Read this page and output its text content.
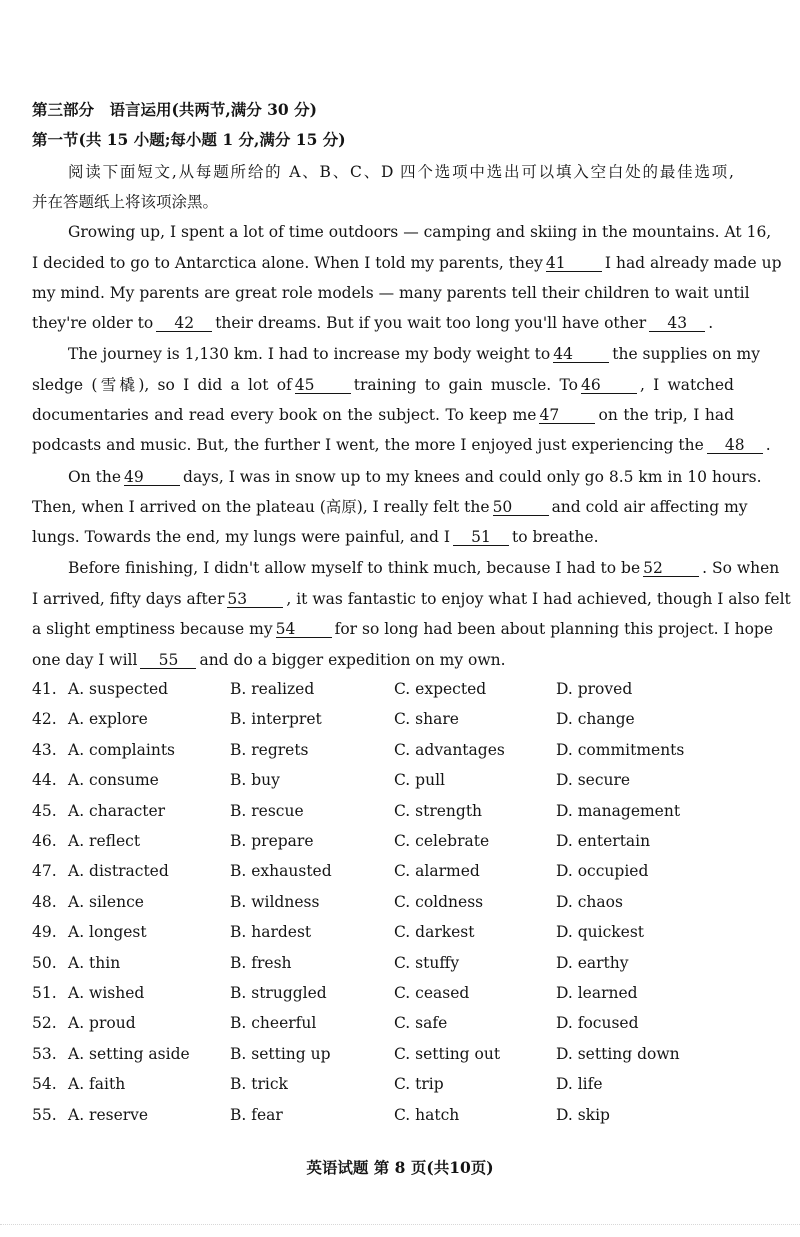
第三部分　语言运用(共两节,满分 30 分)
第一节(共 15 小题;每小题 1 分,满分 15 分)
阅读下面短文,从每题所给的 A、B、C、D 四个选项中选出可以填入空白处的最佳选项,
并在答题纸上将该项涂黑。
Growing up, I spent a lot of time outdoors — camping and skiing in the mountains. At 16,
I decided to go to Antarctica alone. When I told my parents, they 41	I had already made up
my mind. My parents are great role models — many parents tell their children to wait until
they're older to 42 their dreams. But if you wait too long you'll have other 43 .
The journey is 1,130 km. I had to increase my body weight to 44	the supplies on my
sledge (雪橇), so I did a lot of 45	training to gain muscle. To 46	, I watched
documentaries and read every book on the subject. To keep me 47	on the trip, I had
podcasts and music. But, the further I went, the more I enjoyed just experiencing the 48 .
On the 49	days, I was in snow up to my knees and could only go 8.5 km in 10 hours.
Then, when I arrived on the plateau (高原), I really felt the 50	and cold air affecting my
lungs. Towards the end, my lungs were painful, and I 51 to breathe.
Before finishing, I didn't allow myself to think much, because I had to be 52	. So when
I arrived, fifty days after 53	, it was fantastic to enjoy what I had achieved, though I also felt
a slight emptiness because my 54	for so long had been about planning this project. I hope
one day I will 55 and do a bigger expedition on my own.
41. A. suspected	B. realized	C. expected	D. proved
42. A. explore	B. interpret	C. share	D. change
43. A. complaints	B. regrets	C. advantages	D. commitments
44. A. consume	B. buy	C. pull	D. secure
45. A. character	B. rescue	C. strength	D. management
46. A. reflect	B. prepare	C. celebrate	D. entertain
47. A. distracted	B. exhausted	C. alarmed	D. occupied
48. A. silence	B. wildness	C. coldness	D. chaos
49. A. longest	B. hardest	C. darkest	D. quickest
50. A. thin	B. fresh	C. stuffy	D. earthy
51. A. wished	B. struggled	C. ceased	D. learned
52. A. proud	B. cheerful	C. safe	D. focused
53. A. setting aside	B. setting up	C. setting out	D. setting down
54. A. faith	B. trick	C. trip	D. life
55. A. reserve	B. fear	C. hatch	D. skip
英语试题 第 8 页(共10页)
